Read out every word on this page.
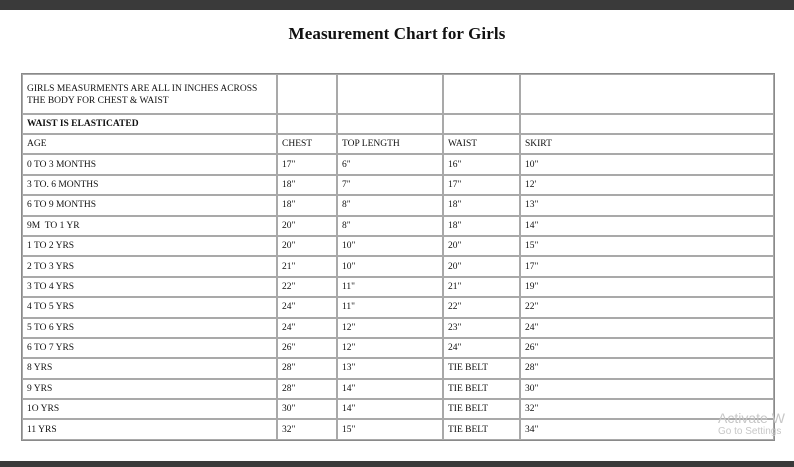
Measurement Chart for Girls
GIRLS MEASURMENTS ARE ALL IN INCHES ACROSS THE BODY FOR CHEST & WAIST				
WAIST IS ELASTICATED				
AGE	CHEST	TOP LENGTH	WAIST	SKIRT
0 TO 3 MONTHS	17"	6"	16"	10"
3 TO. 6 MONTHS	18"	7"	17"	12'
6 TO 9 MONTHS	18"	8"	18"	13"
9M  TO 1 YR	20"	8"	18"	14"
1 TO 2 YRS	20"	10"	20"	15"
2 TO 3 YRS	21"	10"	20"	17"
3 TO 4 YRS	22"	11"	21"	19"
4 TO 5 YRS	24"	11"	22"	22"
5 TO 6 YRS	24"	12"	23"	24"
6 TO 7 YRS	26"	12"	24"	26"
8 YRS	28"	13"	TIE BELT	28"
9 YRS	28"	14"	TIE BELT	30"
1O YRS	30"	14"	TIE BELT	32"
11 YRS	32"	15"	TIE BELT	34"
Activate W
Go to Settings
